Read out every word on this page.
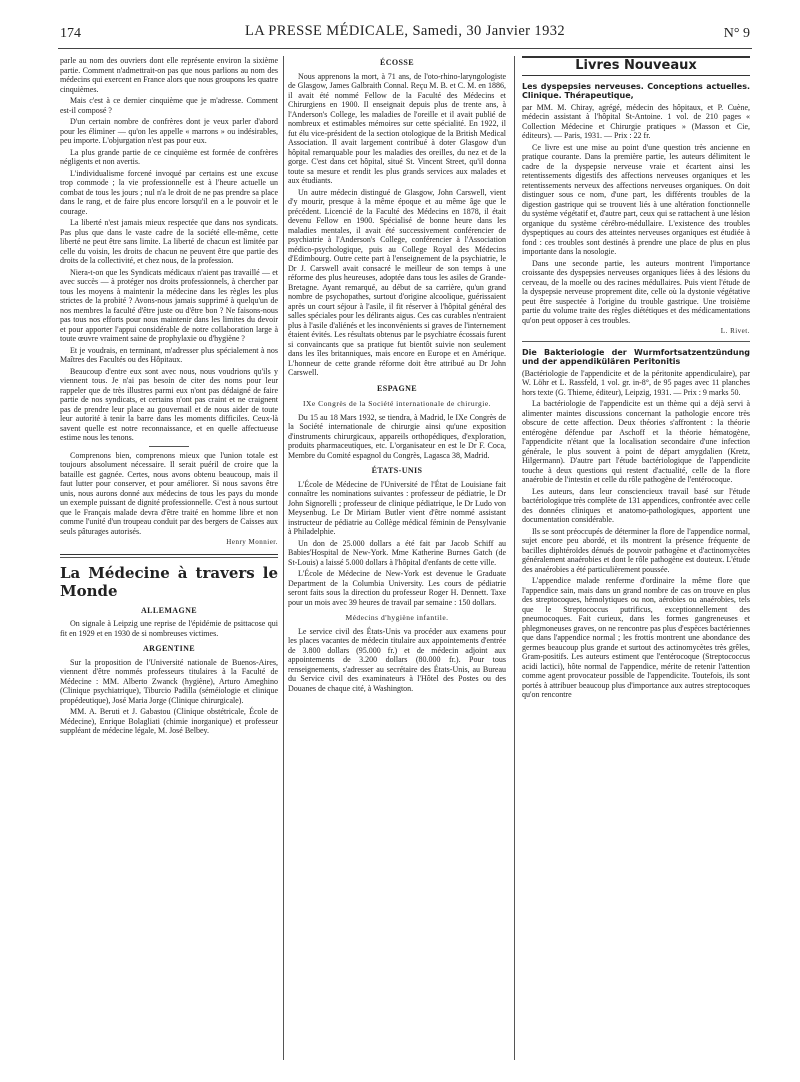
174	LA PRESSE MÉDICALE, Samedi, 30 Janvier 1932	N° 9

parle au nom des ouvriers dont elle représente environ la sixième partie. Comment n'admettrait-on pas que nous parlions au nom des médecins qui exercent en France alors que nous groupons les quatre cinquièmes.

Mais c'est à ce dernier cinquième que je m'adresse. Comment est-il composé ?

D'un certain nombre de confrères dont je veux parler d'abord pour les éliminer — qu'on les appelle « marrons » ou indésirables, peu importe. L'objurgation n'est pas pour eux.

La plus grande partie de ce cinquième est formée de confrères négligents et non avertis.

L'individualisme forcené invoqué par certains est une excuse trop commode ; la vie professionnelle est à l'heure actuelle un combat de tous les jours ; nul n'a le droit de ne pas prendre sa place dans le rang, et de faire plus encore lorsqu'il en a le pouvoir et le courage.

La liberté n'est jamais mieux respectée que dans nos syndicats. Pas plus que dans le vaste cadre de la société elle-même, cette liberté ne peut être sans limite. La liberté de chacun est limitée par celle du voisin, les droits de chacun ne peuvent être que partie des droits de la collectivité, et chez nous, de la profession.

Niera-t-on que les Syndicats médicaux n'aient pas travaillé — et avec succès — à protéger nos droits professionnels, à chercher par tous les moyens à maintenir la médecine dans les règles les plus strictes de la probité ? Avons-nous jamais supprimé à quelqu'un de nos membres la faculté d'être juste ou d'être bon ? Ne faisons-nous pas tous nos efforts pour nous maintenir dans les limites du devoir et pour apporter l'appui considérable de notre collaboration large à toute œuvre vraiment saine de prophylaxie ou d'hygiène ?

Et je voudrais, en terminant, m'adresser plus spécialement à nos Maîtres des Facultés ou des Hôpitaux.

Beaucoup d'entre eux sont avec nous, nous voudrions qu'ils y viennent tous. Je n'ai pas besoin de citer des noms pour leur rappeler que de très illustres parmi eux n'ont pas dédaigné de faire partie de nos syndicats, et certains n'ont pas craint et ne craignent pas de prendre leur place au gouvernail et de nous aider de toute leur autorité à tenir la barre dans les moments difficiles. Ceux-là savent quelle est notre reconnaissance, et en quelle affectueuse estime nous les tenons.

Comprenons bien, comprenons mieux que l'union totale est toujours absolument nécessaire. Il serait puéril de croire que la bataille est gagnée. Certes, nous avons obtenu beaucoup, mais il faut lutter pour conserver, et pour améliorer. Si nous savons être unis, nous aurons donné aux médecins de tous les pays du monde un exemple puissant de dignité professionnelle. C'est à nous surtout que le Français malade devra d'être traité en homme libre et non comme l'unité d'un troupeau conduit par des bergers de Caisses aux seuls pâturages autorisés.

Henry Monnier.
La Médecine à travers le Monde
ALLEMAGNE

On signale à Leipzig une reprise de l'épidémie de psittacose qui fit en 1929 et en 1930 de si nombreuses victimes.

ARGENTINE

Sur la proposition de l'Université nationale de Buenos-Aires, viennent d'être nommés professeurs titulaires à la Faculté de Médecine : MM. Alberto Zwanck (hygiène), Arturo Ameghino (Clinique psychiatrique), Tiburcio Padilla (séméiologie et clinique propédeutique), José Maria Jorge (Clinique chirurgicale).

MM. A. Beruti et J. Gabastou (Clinique obstétricale, École de Médecine), Enrique Bolagliati (chimie inorganique) et professeur suppléant de médecine légale, M. José Belbey.

ÉCOSSE

Nous apprenons la mort, à 71 ans, de l'oto-rhino-laryngologiste de Glasgow, James Galbraith Connal. Reçu M. B. et C. M. en 1886, il avait été nommé Fellow de la Faculté des Médecins et Chirurgiens en 1900. Il enseignait depuis plus de trente ans, à l'Anderson's College, les maladies de l'oreille et il avait publié de nombreux et estimables mémoires sur cette spécialité. En 1922, il fut élu vice-président de la section otologique de la British Medical Association. Il avait largement contribué à doter Glasgow d'un hôpital remarquable pour les maladies des oreilles, du nez et de la gorge. C'est dans cet hôpital, situé St. Vincent Street, qu'il donna toute sa mesure et rendit les plus grands services aux malades et aux étudiants.

Un autre médecin distingué de Glasgow, John Carswell, vient d'y mourir, presque à la même époque et au même âge que le précédent. Licencié de la Faculté des Médecins en 1878, il était devenu Fellow en 1900. Spécialisé de bonne heure dans les maladies mentales, il avait été successivement conférencier de psychiatrie à l'Anderson's College, conférencier à l'Association médico-psychologique, puis au College Royal des Médecins d'Edimbourg. Outre cette part à l'enseignement de la psychiatrie, le Dr J. Carswell avait consacré le meilleur de son temps à une réforme des plus heureuses, adoptée dans tous les asiles de Grande-Bretagne. Ayant remarqué, au début de sa carrière, qu'un grand nombre de psychopathes, surtout d'origine alcoolique, guérissaient après un court séjour à l'asile, il fit réserver à l'hôpital général des salles spéciales pour les délirants aigus. Ces cas curables n'entraient plus à l'asile d'aliénés et les inconvénients si graves de l'internement étaient évités. Les résultats obtenus par le psychiatre écossais furent si convaincants que sa pratique fut bientôt suivie non seulement dans les îles britanniques, mais encore en Europe et en Amérique. L'honneur de cette grande réforme doit être attribué au Dr John Carswell.

ESPAGNE
IXe Congrès de la Société internationale de chirurgie.

Du 15 au 18 Mars 1932, se tiendra, à Madrid, le IXe Congrès de la Société internationale de chirurgie ainsi qu'une exposition d'instruments chirurgicaux, appareils orthopédiques, d'exploration, produits pharmaceutiques, etc. L'organisateur en est le Dr F. Coca, Membre du Comité espagnol du Congrès, Lagasca 38, Madrid.

ÉTATS-UNIS

L'École de Médecine de l'Université de l'État de Louisiane fait connaître les nominations suivantes : professeur de pédiatrie, le Dr John Signorelli ; professeur de clinique pédiatrique, le Dr Ludo von Meysenbug. Le Dr Miriam Butler vient d'être nommé assistant instructeur de pédiatrie au Collège médical féminin de Pensylvanie à Philadelphie.

Un don de 25.000 dollars a été fait par Jacob Schiff au Babies'Hospital de New-York. Mme Katherine Burnes Gatch (de St-Louis) a laissé 5.000 dollars à l'hôpital d'enfants de cette ville.

L'École de Médecine de New-York est devenue le Graduate Department de la Columbia University. Les cours de pédiatrie seront faits sous la direction du professeur Roger H. Dennett. Taxe pour un mois avec 39 heures de travail par semaine : 150 dollars.

Médecins d'hygiène infantile.

Le service civil des États-Unis va procéder aux examens pour les places vacantes de médecin titulaire aux appointements d'entrée de 3.800 dollars (95.000 fr.) et de médecin adjoint aux appointements de 3.200 dollars (80.000 fr.). Pour tous renseignements, s'adresser au secrétaire des États-Unis, au Bureau du Service civil des examinateurs à l'Hôtel des Postes ou des Douanes de chaque cité, à Washington.

Livres Nouveaux

Les dyspepsies nerveuses. Conceptions actuelles. Clinique. Thérapeutique,

par MM. M. Chiray, agrégé, médecin des hôpitaux, et P. Cuène, médecin assistant à l'hôpital St-Antoine. 1 vol. de 210 pages « Collection Médecine et Chirurgie pratiques » (Masson et Cie, éditeurs). — Paris, 1931. — Prix : 22 fr.

Ce livre est une mise au point d'une question très ancienne en pratique courante. Dans la première partie, les auteurs délimitent le cadre de la dyspepsie nerveuse vraie et écartent ainsi les retentissements digestifs des affections nerveuses organiques et les retentissements nerveux des affections nerveuses organiques. On doit distinguer sous ce nom, d'une part, les différents troubles de la digestion gastrique qui se trouvent liés à une altération fonctionnelle du système végétatif et, d'autre part, ceux qui se rattachent à une lésion organique du système cérébro-médullaire. L'existence des troubles dyspeptiques au cours des atteintes nerveuses organiques est étudiée à fond : ces troubles sont destinés à prendre une place de plus en plus importante dans la nosologie.

Dans une seconde partie, les auteurs montrent l'importance croissante des dyspepsies nerveuses organiques liées à des lésions du cerveau, de la moelle ou des racines médullaires. Puis vient l'étude de la dyspepsie nerveuse proprement dite, celle où la dystonie végétative peut être suspectée à l'origine du trouble gastrique. Une troisième partie du volume traite des règles diététiques et des médicamentations qu'on peut opposer à ces troubles.

L. Rivet.

Die Bakteriologie der Wurmfortsatzentzündung und der appendikülären Peritonitis

(Bactériologie de l'appendicite et de la péritonite appendiculaire), par W. Löhr et L. Rassfeld, 1 vol. gr. in-8°, de 95 pages avec 11 planches hors texte (G. Thieme, éditeur), Leipzig, 1931. — Prix : 9 marks 50.

La bactériologie de l'appendicite est un thème qui a déjà servi à alimenter maintes discussions concernant la pathologie encore très obscure de cette affection. Deux théories s'affrontent : la théorie entérogène défendue par Aschoff et la théorie hématogène, l'appendicite n'étant que la localisation secondaire d'une infection générale, le plus souvent à point de départ amygdalien (Kretz, Hilgermann). D'autre part l'étude bactériologique de l'appendicite touche à deux questions qui restent d'actualité, celle de la flore anaérobie de l'intestin et celle du rôle pathogène de l'entérocoque.

Les auteurs, dans leur consciencieux travail basé sur l'étude bactériologique très complète de 131 appendices, confrontée avec celle des données cliniques et anatomo-pathologiques, apportent une documentation considérable.

Ils se sont préoccupés de déterminer la flore de l'appendice normal, sujet encore peu abordé, et ils montrent la présence fréquente de bacilles diphtéroïdes dénués de pouvoir pathogène et d'actinomycètes généralement anaérobies et dont le rôle pathogène est douteux. L'étude des anaérobies a été particulièrement poussée.

L'appendice malade renferme d'ordinaire la même flore que l'appendice sain, mais dans un grand nombre de cas on trouve en plus des streptocoques, hémolytiques ou non, aérobies ou anaérobies, tels que le Streptococcus putrificus, exceptionnellement des pneumocoques. Fait curieux, dans les formes gangreneuses et phlegmoneuses graves, on ne rencontre pas plus d'espèces bactériennes que dans l'appendice normal ; les frottis montrent une abondance des germes beaucoup plus grande et surtout des actinomycètes très grêles, Gram-positifs. Les auteurs estiment que l'entérocoque (Streptococcus acidi lactici), hôte normal de l'appendice, mérite de retenir l'attention comme agent provocateur possible de l'appendicite. Toutefois, ils sont portés à attribuer beaucoup plus d'importance aux autres streptocoques qu'on rencontre
